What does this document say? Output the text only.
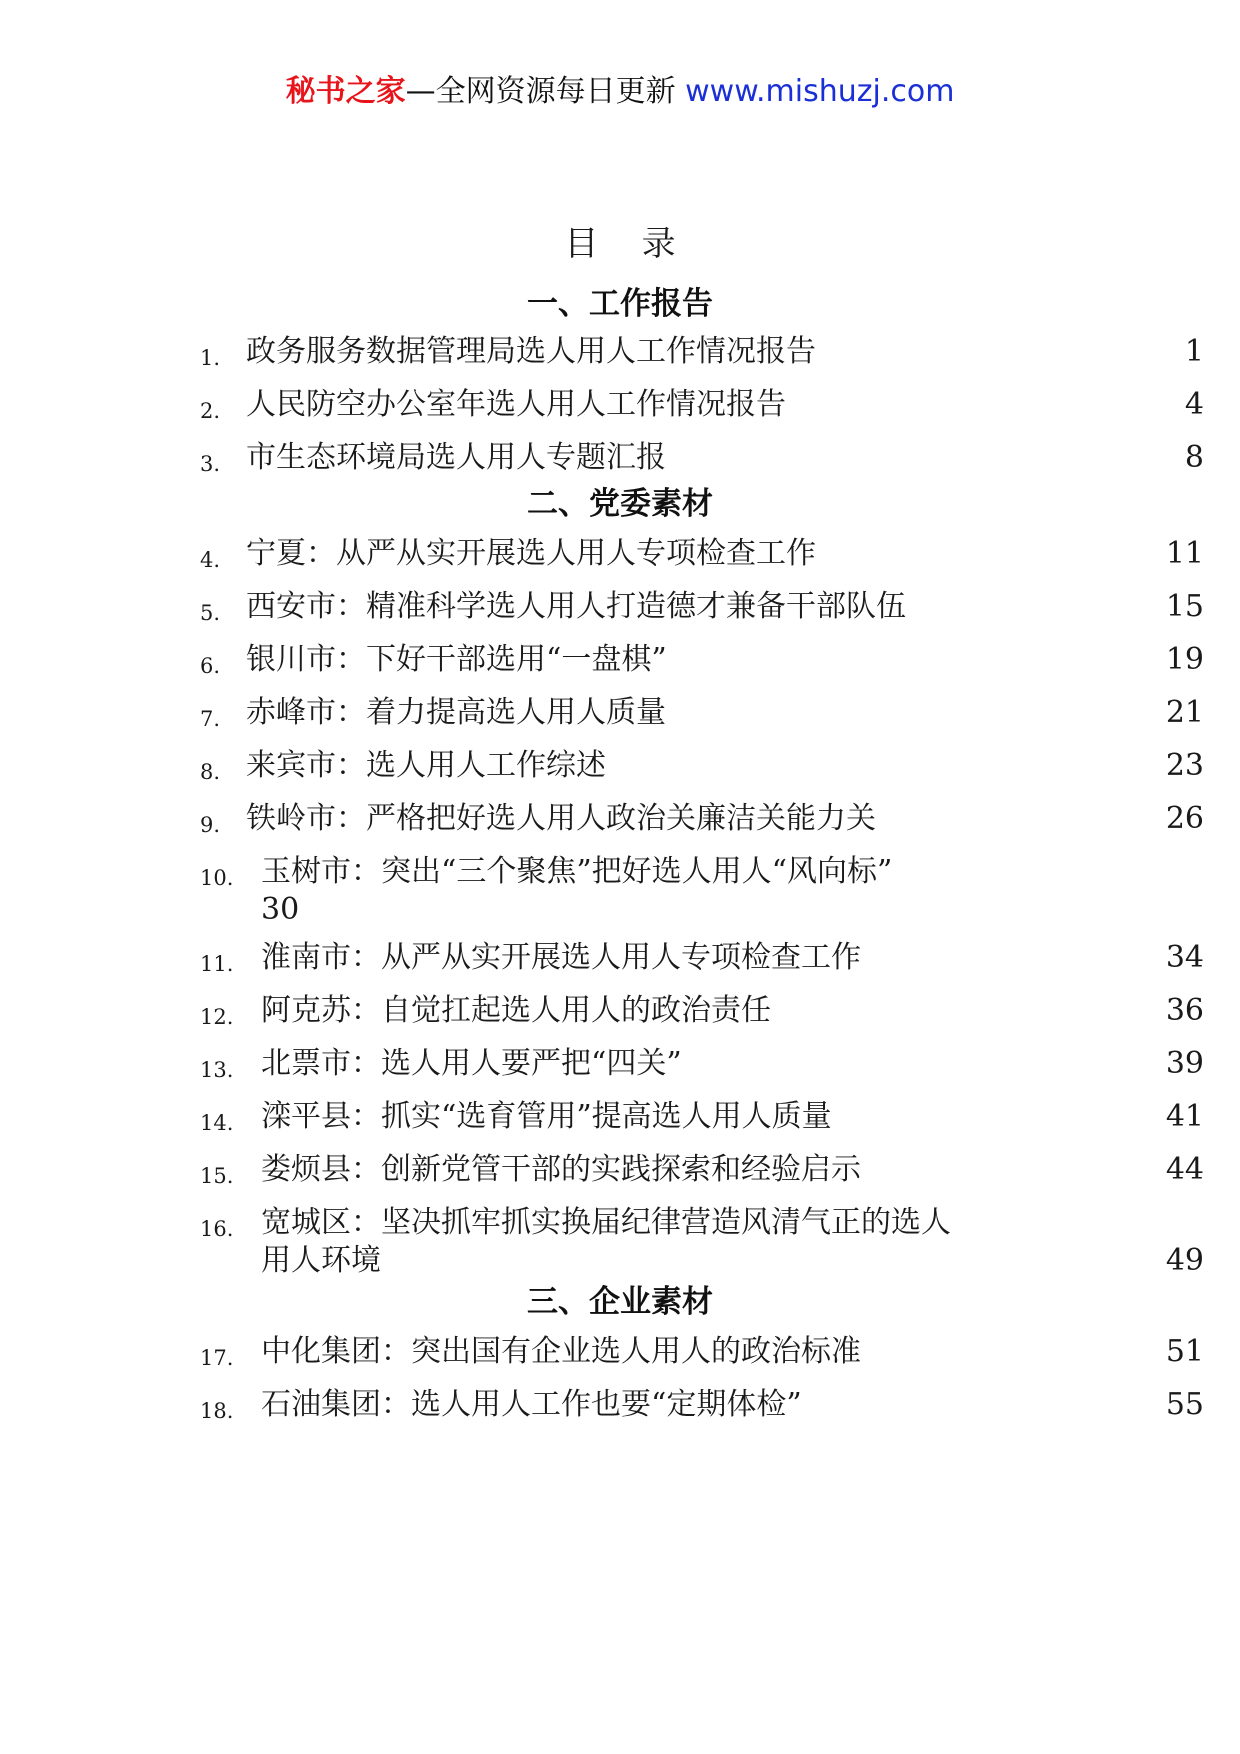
秘书之家—全网资源每日更新 www.mishuzj.com
目    录
一、工作报告
1. 政务服务数据管理局选人用人工作情况报告	1
2. 人民防空办公室年选人用人工作情况报告	4
3. 市生态环境局选人用人专题汇报	8
二、党委素材
4. 宁夏：从严从实开展选人用人专项检查工作	11
5. 西安市：精准科学选人用人打造德才兼备干部队伍	15
6. 银川市：下好干部选用“一盘棋”	19
7. 赤峰市：着力提高选人用人质量	21
8. 来宾市：选人用人工作综述	23
9. 铁岭市：严格把好选人用人政治关廉洁关能力关	26
10. 玉树市：突出“三个聚焦”把好选人用人“风向标”
30
11. 淮南市：从严从实开展选人用人专项检查工作	34
12. 阿克苏：自觉扛起选人用人的政治责任	36
13. 北票市：选人用人要严把“四关”	39
14. 滦平县：抓实“选育管用”提高选人用人质量	41
15. 娄烦县：创新党管干部的实践探索和经验启示	44
16. 宽城区：坚决抓牢抓实换届纪律营造风清气正的选人
用人环境	49
三、企业素材
17. 中化集团：突出国有企业选人用人的政治标准	51
18. 石油集团：选人用人工作也要“定期体检”	55
